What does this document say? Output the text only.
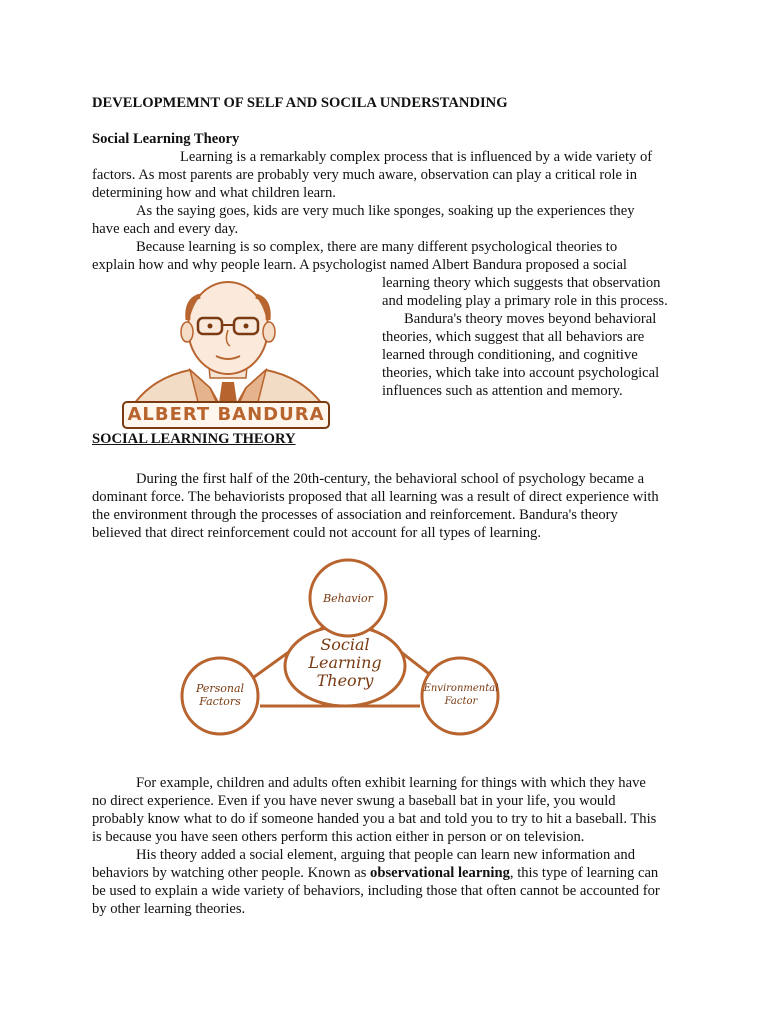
DEVELOPMEMNT OF SELF AND SOCILA UNDERSTANDING
Social Learning Theory
Learning is a remarkably complex process that is influenced by a wide variety of
factors. As most parents are probably very much aware, observation can play a critical role in
determining how and what children learn.
As the saying goes, kids are very much like sponges, soaking up the experiences they
have each and every day.
Because learning is so complex, there are many different psychological theories to
explain how and why people learn. A psychologist named Albert Bandura proposed a social
learning theory which suggests that observation
and modeling play a primary role in this process.
Bandura's theory moves beyond behavioral
theories, which suggest that all behaviors are
learned through conditioning, and cognitive
theories, which take into account psychological
influences such as attention and memory.
ALBERT BANDURA
SOCIAL LEARNING THEORY
During the first half of the 20th-century, the behavioral school of psychology became a
dominant force. The behaviorists proposed that all learning was a result of direct experience with
the environment through the processes of association and reinforcement. Bandura's theory
believed that direct reinforcement could not account for all types of learning.
Social
Learning
Theory
Behavior
Personal
Factors
Environmental
Factor
For example, children and adults often exhibit learning for things with which they have
no direct experience. Even if you have never swung a baseball bat in your life, you would
probably know what to do if someone handed you a bat and told you to try to hit a baseball. This
is because you have seen others perform this action either in person or on television.
His theory added a social element, arguing that people can learn new information and
behaviors by watching other people. Known as observational learning, this type of learning can
be used to explain a wide variety of behaviors, including those that often cannot be accounted for
by other learning theories.
